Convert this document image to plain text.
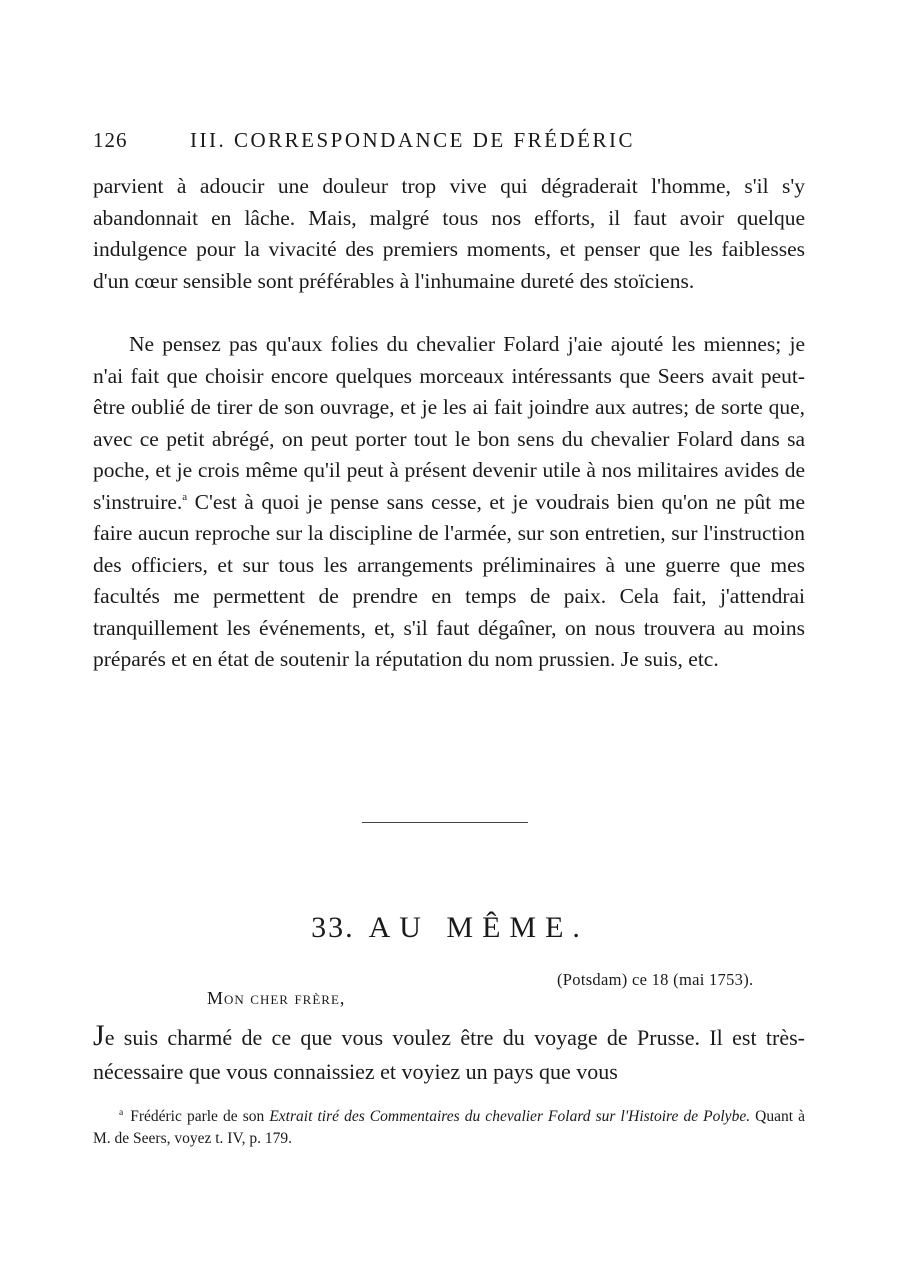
126	III. CORRESPONDANCE DE FRÉDÉRIC

parvient à adoucir une douleur trop vive qui dégraderait l'homme, s'il s'y abandonnait en lâche. Mais, malgré tous nos efforts, il faut avoir quelque indulgence pour la vivacité des premiers moments, et penser que les faiblesses d'un cœur sensible sont préférables à l'inhumaine dureté des stoïciens.

Ne pensez pas qu'aux folies du chevalier Folard j'aie ajouté les miennes; je n'ai fait que choisir encore quelques morceaux intéressants que Seers avait peut-être oublié de tirer de son ouvrage, et je les ai fait joindre aux autres; de sorte que, avec ce petit abrégé, on peut porter tout le bon sens du chevalier Folard dans sa poche, et je crois même qu'il peut à présent devenir utile à nos militaires avides de s'instruire.$^a$ C'est à quoi je pense sans cesse, et je voudrais bien qu'on ne pût me faire aucun reproche sur la discipline de l'armée, sur son entretien, sur l'instruction des officiers, et sur tous les arrangements préliminaires à une guerre que mes facultés me permettent de prendre en temps de paix. Cela fait, j'attendrai tranquillement les événements, et, s'il faut dégaîner, on nous trouvera au moins préparés et en état de soutenir la réputation du nom prussien. Je suis, etc.

33. AU MÊME.
(Potsdam) ce 18 (mai 1753).
Mon cher frère,

Je suis charmé de ce que vous voulez être du voyage de Prusse. Il est très-nécessaire que vous connaissiez et voyiez un pays que vous

$^a$ Frédéric parle de son Extrait tiré des Commentaires du chevalier Folard sur l'Histoire de Polybe. Quant à M. de Seers, voyez t. IV, p. 179.
